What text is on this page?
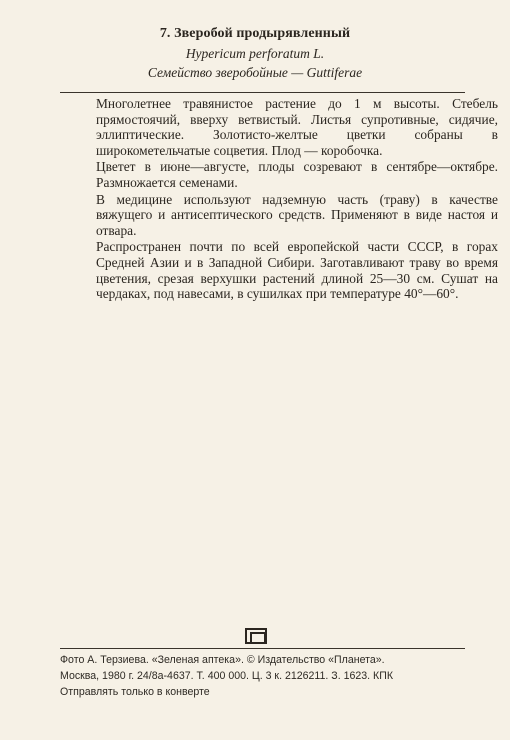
7. Зверобой продырявленный
Hypericum perforatum L.
Семейство зверобойные — Guttiferae

Многолетнее травянистое растение до 1 м высоты. Стебель прямостоячий, вверху ветвистый. Листья супротивные, сидячие, эллиптические. Золотисто-желтые цветки собраны в широкометельчатые соцветия. Плод — коробочка.

Цветет в июне—августе, плоды созревают в сентябре—октябре. Размножается семенами.

В медицине используют надземную часть (траву) в качестве вяжущего и антисептического средств. Применяют в виде настоя и отвара.

Распространен почти по всей европейской части СССР, в горах Средней Азии и в Западной Сибири. Заготавливают траву во время цветения, срезая верхушки растений длиной 25—30 см. Сушат на чердаках, под навесами, в сушилках при температуре 40°—60°.

Фото А. Терзиева. «Зеленая аптека». © Издательство «Планета».
Москва, 1980 г. 24/8а-4637. Т. 400 000. Ц. 3 к. 2126211. З. 1623. КПК
Отправлять только в конверте
